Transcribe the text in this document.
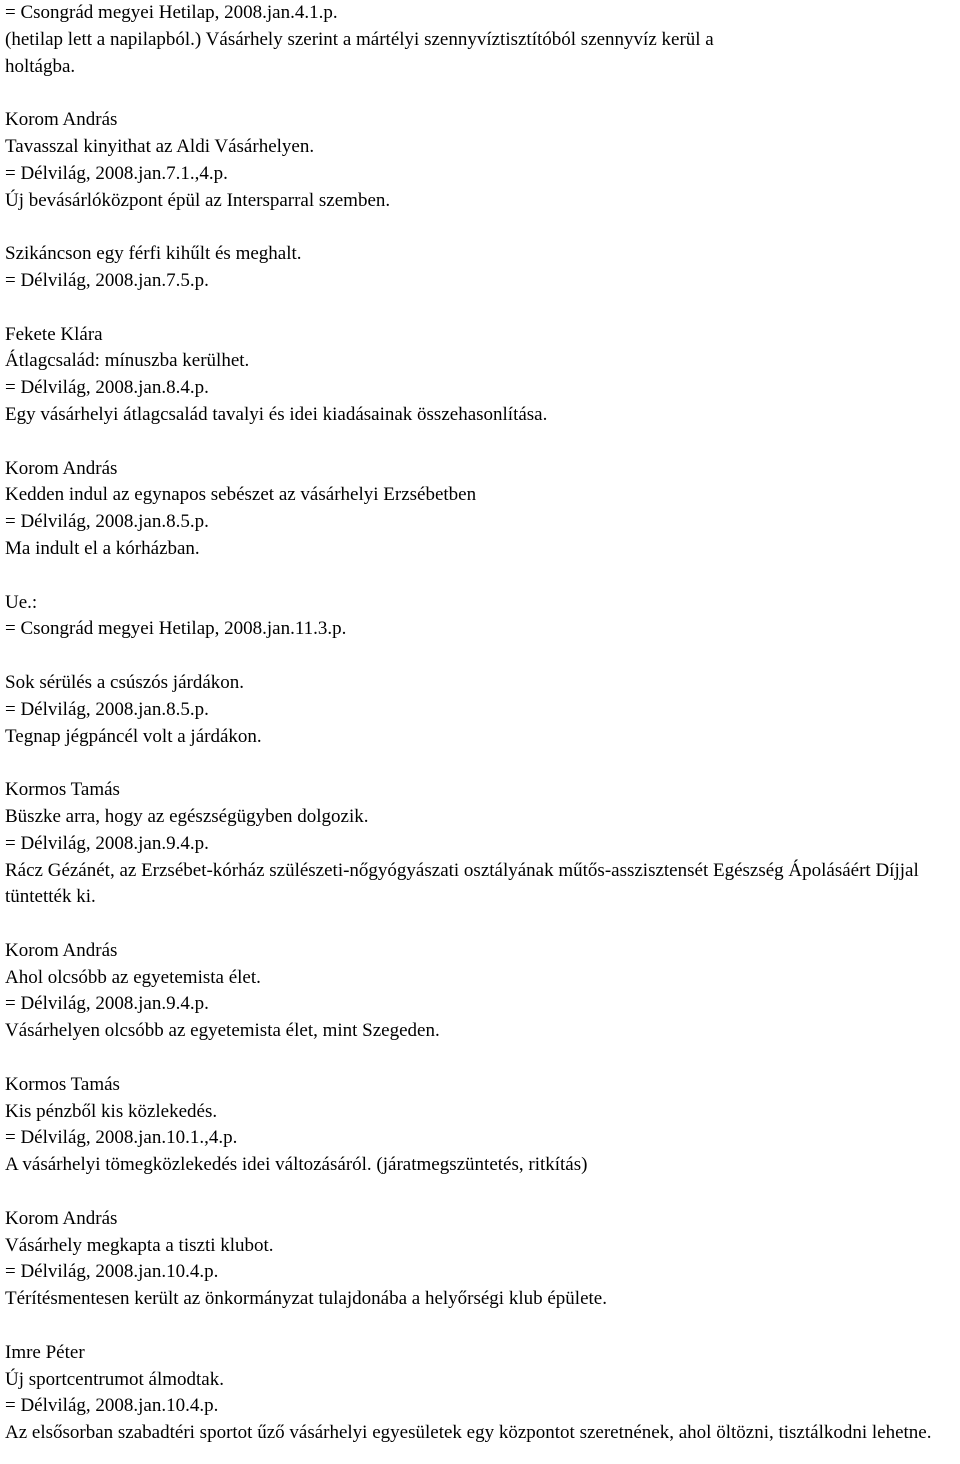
= Csongrád megyei Hetilap, 2008.jan.4.1.p.
(hetilap lett a napilapból.) Vásárhely szerint a mártélyi szennyvíztisztítóból szennyvíz kerül a
holtágba.
Korom András
Tavasszal kinyithat az Aldi Vásárhelyen.
= Délvilág, 2008.jan.7.1.,4.p.
Új bevásárlóközpont épül az Intersparral szemben.
Szikáncson egy férfi kihűlt és meghalt.
= Délvilág, 2008.jan.7.5.p.
Fekete Klára
Átlagcsalád: mínuszba kerülhet.
= Délvilág, 2008.jan.8.4.p.
Egy vásárhelyi átlagcsalád tavalyi és idei kiadásainak összehasonlítása.
Korom András
Kedden indul az egynapos sebészet az vásárhelyi Erzsébetben
= Délvilág, 2008.jan.8.5.p.
Ma indult el a kórházban.
Ue.:
= Csongrád megyei Hetilap, 2008.jan.11.3.p.
Sok sérülés a csúszós járdákon.
= Délvilág, 2008.jan.8.5.p.
Tegnap jégpáncél volt a járdákon.
Kormos Tamás
Büszke arra, hogy az egészségügyben dolgozik.
= Délvilág, 2008.jan.9.4.p.
Rácz Gézánét, az Erzsébet-kórház szülészeti-nőgyógyászati osztályának műtős-asszisztensét Egészség Ápolásáért Díjjal tüntették ki.
Korom András
Ahol olcsóbb az egyetemista élet.
= Délvilág, 2008.jan.9.4.p.
Vásárhelyen olcsóbb az egyetemista élet, mint Szegeden.
Kormos Tamás
Kis pénzből kis közlekedés.
= Délvilág, 2008.jan.10.1.,4.p.
A vásárhelyi tömegközlekedés idei változásáról. (járatmegszüntetés, ritkítás)
Korom András
Vásárhely megkapta a tiszti klubot.
= Délvilág, 2008.jan.10.4.p.
Térítésmentesen került az önkormányzat tulajdonába a helyőrségi klub épülete.
Imre Péter
Új sportcentrumot álmodtak.
= Délvilág, 2008.jan.10.4.p.
Az elsősorban szabadtéri sportot űző vásárhelyi egyesületek egy központot szeretnének, ahol öltözni, tisztálkodni lehetne.
